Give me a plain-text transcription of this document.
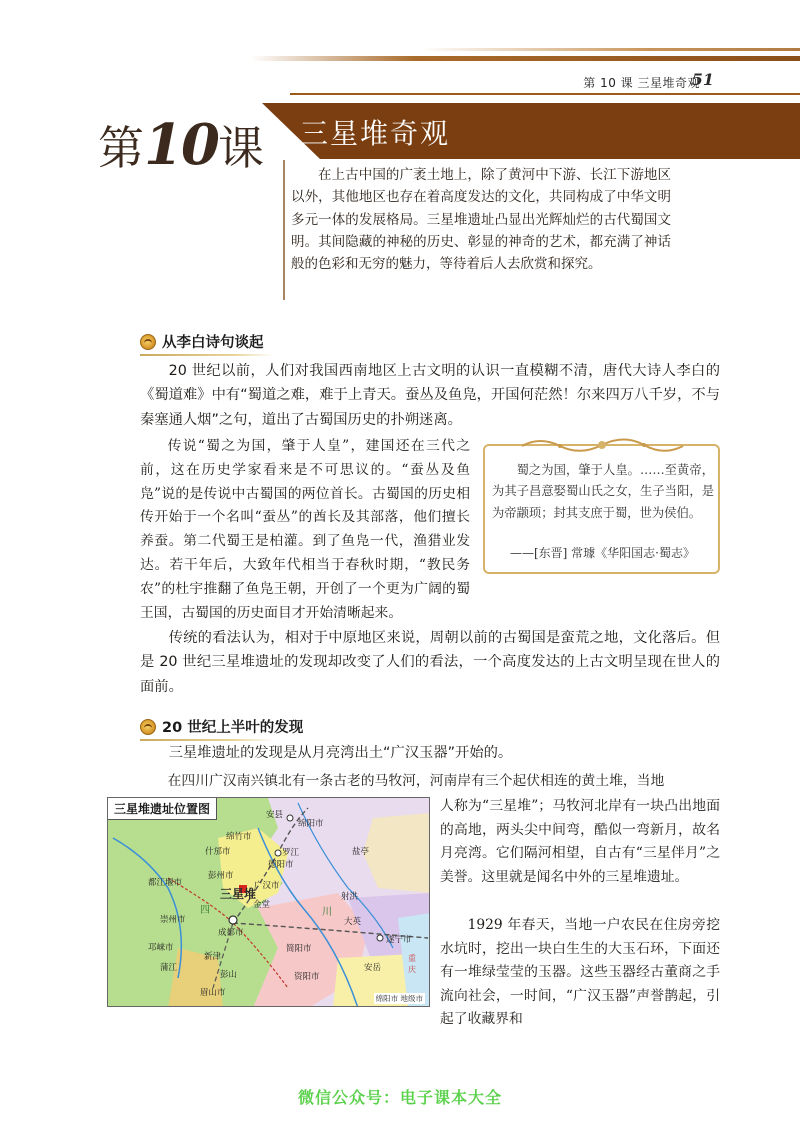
第 10 课 三星堆奇观
51
第10课 三星堆奇观
在上古中国的广袤土地上，除了黄河中下游、长江下游地区以外，其他地区也存在着高度发达的文化，共同构成了中华文明多元一体的发展格局。三星堆遗址凸显出光辉灿烂的古代蜀国文明。其间隐藏的神秘的历史、彰显的神奇的艺术，都充满了神话般的色彩和无穷的魅力，等待着后人去欣赏和探究。
从李白诗句谈起
20 世纪以前，人们对我国西南地区上古文明的认识一直模糊不清，唐代大诗人李白的《蜀道难》中有“蜀道之难，难于上青天。蚕丛及鱼凫，开国何茫然！尔来四万八千岁，不与秦塞通人烟”之句，道出了古蜀国历史的扑朔迷离。
传说“蜀之为国，肇于人皇”，建国还在三代之前，这在历史学家看来是不可思议的。“蚕丛及鱼凫”说的是传说中古蜀国的两位首长。古蜀国的历史相传开始于一个名叫“蚕丛”的酋长及其部落，他们擅长养蚕。第二代蜀王是柏灌。到了鱼凫一代，渔猎业发达。若干年后，大致年代相当于春秋时期，“教民务农”的杜宇推翻了鱼凫王朝，开创了一个更为广阔的蜀王国，古蜀国的历史面目才开始清晰起来。
蜀之为国，肇于人皇。……至黄帝，为其子昌意娶蜀山氏之女，生子当阳，是为帝颛顼；封其支庶于蜀，世为侯伯。
——[东晋] 常璩《华阳国志·蜀志》
传统的看法认为，相对于中原地区来说，周朝以前的古蜀国是蛮荒之地，文化落后。但是 20 世纪三星堆遗址的发现却改变了人们的看法，一个高度发达的上古文明呈现在世人的面前。
20 世纪上半叶的发现
三星堆遗址的发现是从月亮湾出土“广汉玉器”开始的。
在四川广汉南兴镇北有一条古老的马牧河，河南岸有三个起伏相连的黄土堆，当地
三星堆遗址位置图	安县
绵阳市
绵竹市
什邡市	罗江
德阳市
盐亭
彭州市
都江堰市	广汉市
三星堆
金堂
射洪
崇州市
成都市
大英
遂宁市
邛崃市
新津
简阳市
蒲江
彭山	资阳市
安岳
眉山市
四	川
重庆
绵阳市 地级市
人称为“三星堆”；马牧河北岸有一块凸出地面的高地，两头尖中间弯，酷似一弯新月，故名月亮湾。它们隔河相望，自古有“三星伴月”之美誉。这里就是闻名中外的三星堆遗址。
1929 年春天，当地一户农民在住房旁挖水坑时，挖出一块白生生的大玉石环，下面还有一堆绿莹莹的玉器。这些玉器经古董商之手流向社会，一时间，“广汉玉器”声誉鹊起，引起了收藏界和
微信公众号：电子课本大全
